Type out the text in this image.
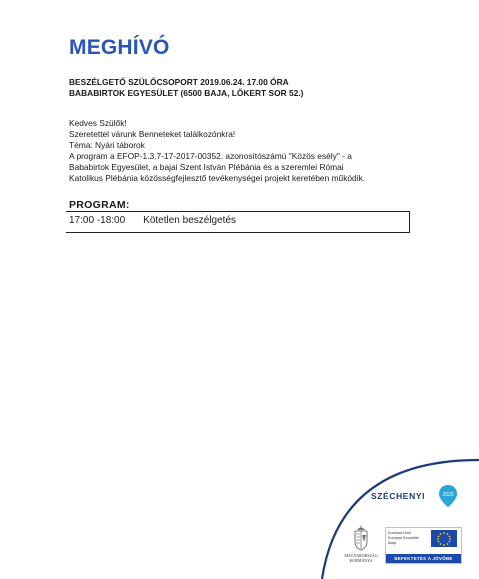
MEGHÍVÓ
BESZÉLGETŐ SZÜLŐCSOPORT 2019.06.24. 17.00 ÓRA
BABABIRTOK EGYESÜLET (6500 BAJA, LŐKERT SOR 52.)
Kedves Szülők!
Szeretettel várunk Benneteket találkozónkra!
Téma: Nyári táborok
A program a EFOP-1.3.7-17-2017-00352. azonosítószámú "Közös esély" - a
Bababirtok Egyesület, a bajai Szent István Plébánia és a szeremlei Római
Katolikus Plébánia közösségfejlesztő tevékenységei projekt keretében működik.
PROGRAM:
17:00 -18:00 Kötetlen beszélgetés
SZÉCHENYI	2020
MAGYARORSZÁG
KORMÁNYA
Európai Unió
Európai Szociális
Alap
BEFEKTETÉS A JÖVŐBE
